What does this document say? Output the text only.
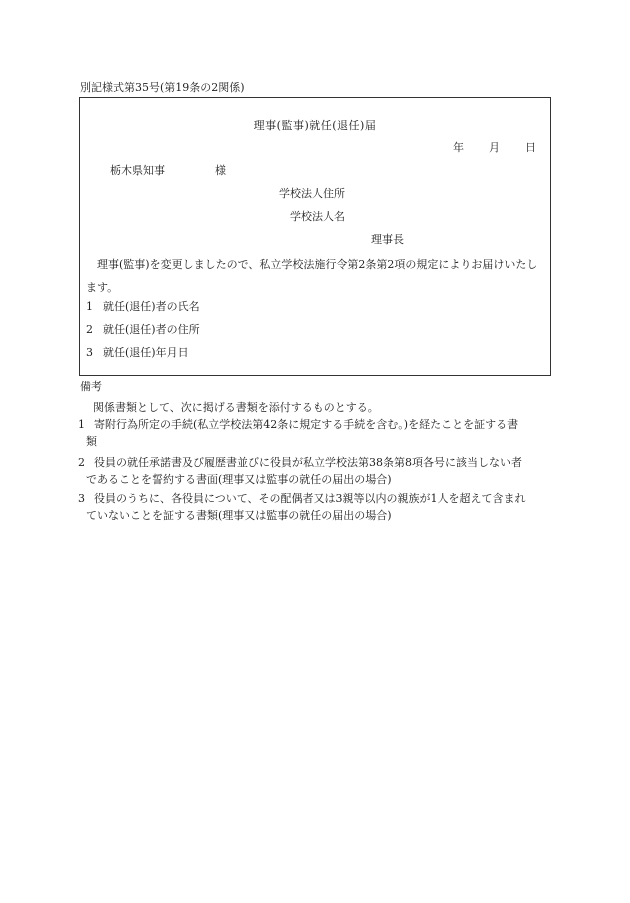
別記様式第35号(第19条の2関係)
理事(監事)就任(退任)届
年 月 日
栃木県知事	様
学校法人住所
学校法人名
理事長
理事(監事)を変更しましたので、私立学校法施行令第2条第2項の規定によりお届けいたします。
1 就任(退任)者の氏名
2 就任(退任)者の住所
3 就任(退任)年月日
備考
関係書類として、次に掲げる書類を添付するものとする。
1 寄附行為所定の手続(私立学校法第42条に規定する手続を含む。)を経たことを証する書
類
2 役員の就任承諾書及び履歴書並びに役員が私立学校法第38条第8項各号に該当しない者
であることを誓約する書面(理事又は監事の就任の届出の場合)
3 役員のうちに、各役員について、その配偶者又は3親等以内の親族が1人を超えて含まれ
ていないことを証する書類(理事又は監事の就任の届出の場合)
